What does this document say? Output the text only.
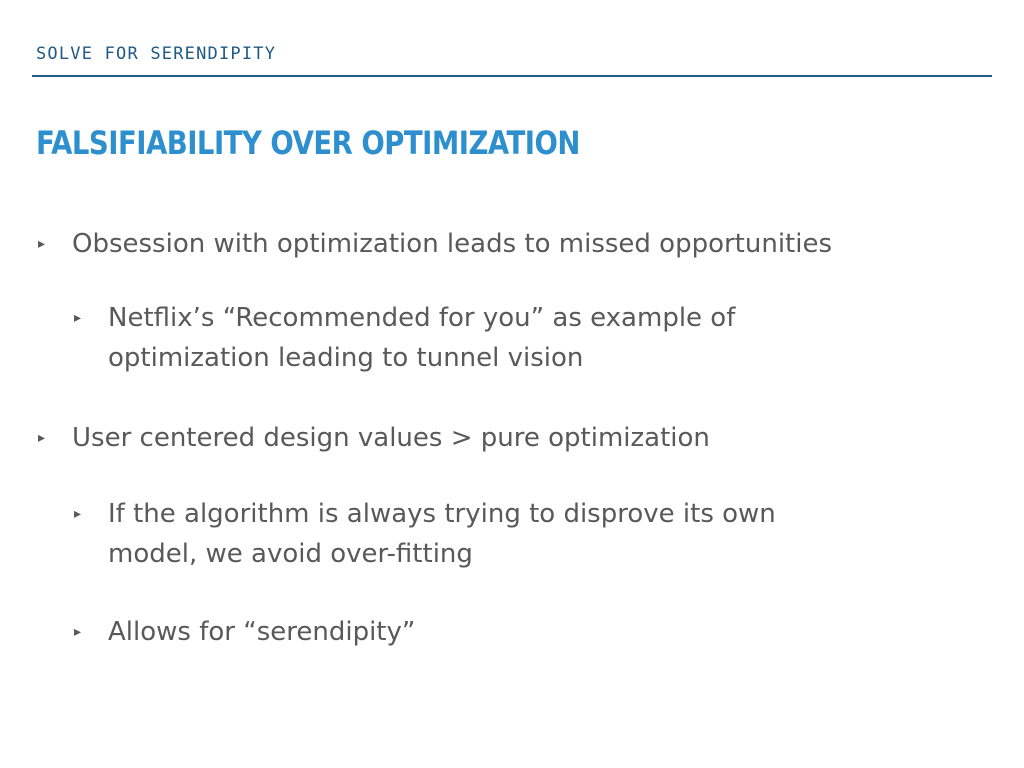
SOLVE FOR SERENDIPITY
FALSIFIABILITY OVER OPTIMIZATION
▸ Obsession with optimization leads to missed opportunities
▸ Netflix’s “Recommended for you” as example of
optimization leading to tunnel vision
▸ User centered design values > pure optimization
▸ If the algorithm is always trying to disprove its own
model, we avoid over-fitting
▸ Allows for “serendipity”
